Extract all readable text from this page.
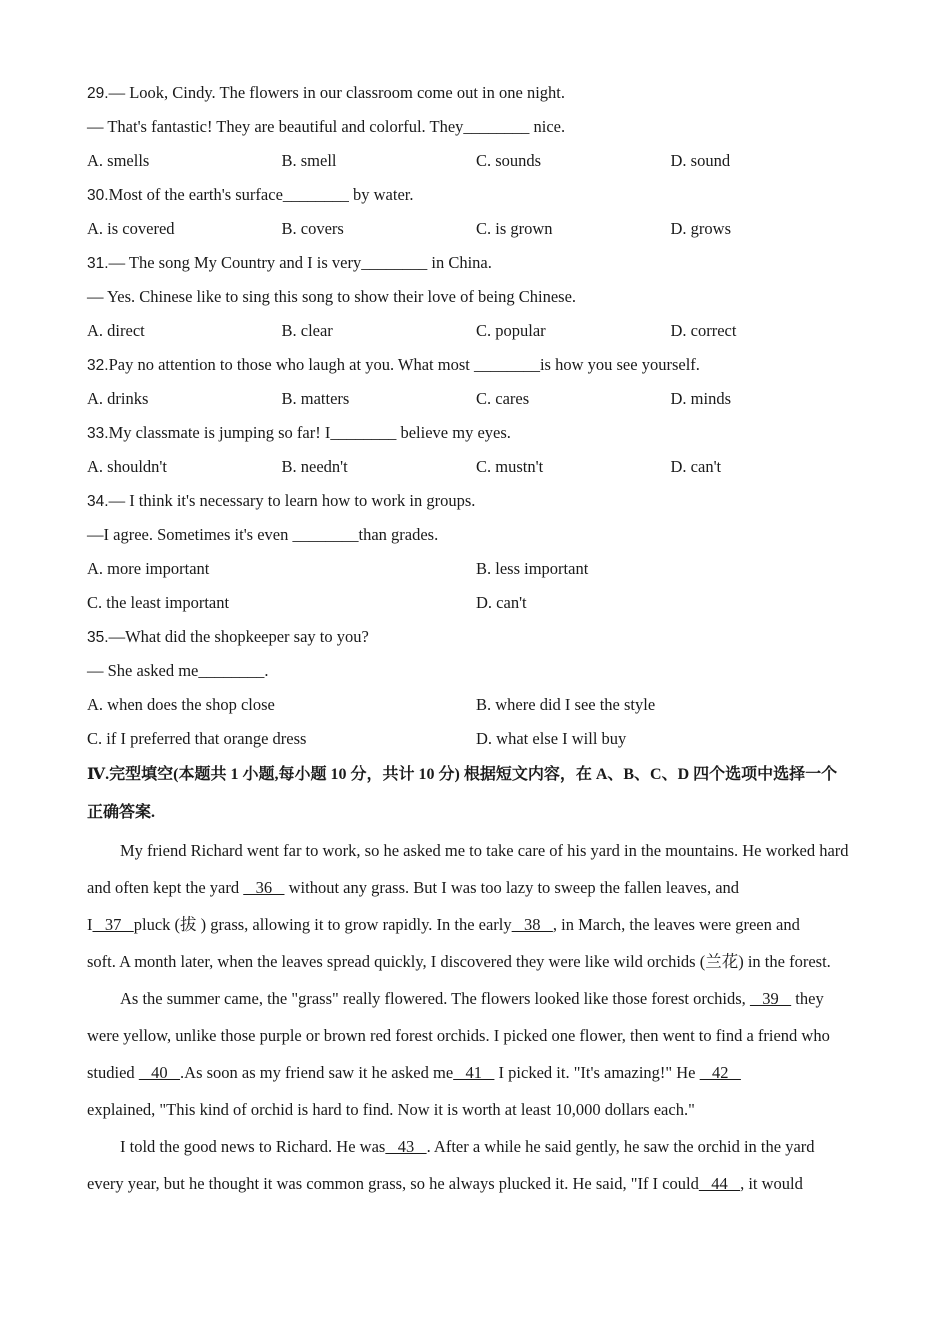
29.— Look, Cindy. The flowers in our classroom come out in one night.
— That's fantastic! They are beautiful and colorful. They________ nice.
A. smells	B. smell	C. sounds	D. sound
30.Most of the earth's surface________ by water.
A. is covered	B. covers	C. is grown	D. grows
31.— The song My Country and I is very________ in China.
— Yes. Chinese like to sing this song to show their love of being Chinese.
A. direct	B. clear	C. popular	D. correct
32.Pay no attention to those who laugh at you. What most ________is how you see yourself.
A. drinks	B. matters	C. cares	D. minds
33.My classmate is jumping so far! I________ believe my eyes.
A. shouldn't	B. needn't	C. mustn't	D. can't
34.— I think it's necessary to learn how to work in groups.
—I agree. Sometimes it's even ________than grades.
A. more important	B. less important
C. the least important	D. can't
35.—What did the shopkeeper say to you?
— She asked me________.
A. when does the shop close	B. where did I see the style
C. if I preferred that orange dress	D. what else I will buy
Ⅳ.完型填空(本题共 1 小题,每小题 10 分，共计 10 分) 根据短文内容，在 A、B、C、D 四个选项中选择一个
正确答案.
My friend Richard went far to work, so he asked me to take care of his yard in the mountains. He worked hard
and often kept the yard    36    without any grass. But I was too lazy to sweep the fallen leaves, and
I   37   pluck (拔 ) grass, allowing it to grow rapidly. In the early   38   , in March, the leaves were green and
soft. A month later, when the leaves spread quickly, I discovered they were like wild orchids (兰花) in the forest.
As the summer came, the "grass" really flowered. The flowers looked like those forest orchids,    39    they
were yellow, unlike those purple or brown red forest orchids. I picked one flower, then went to find a friend who
studied    40   .As soon as my friend saw it he asked me   41    I picked it. "It's amazing!" He    42
explained, "This kind of orchid is hard to find. Now it is worth at least 10,000 dollars each."
I told the good news to Richard. He was   43   . After a while he said gently, he saw the orchid in the yard
every year, but he thought it was common grass, so he always plucked it. He said, "If I could   44   , it would
